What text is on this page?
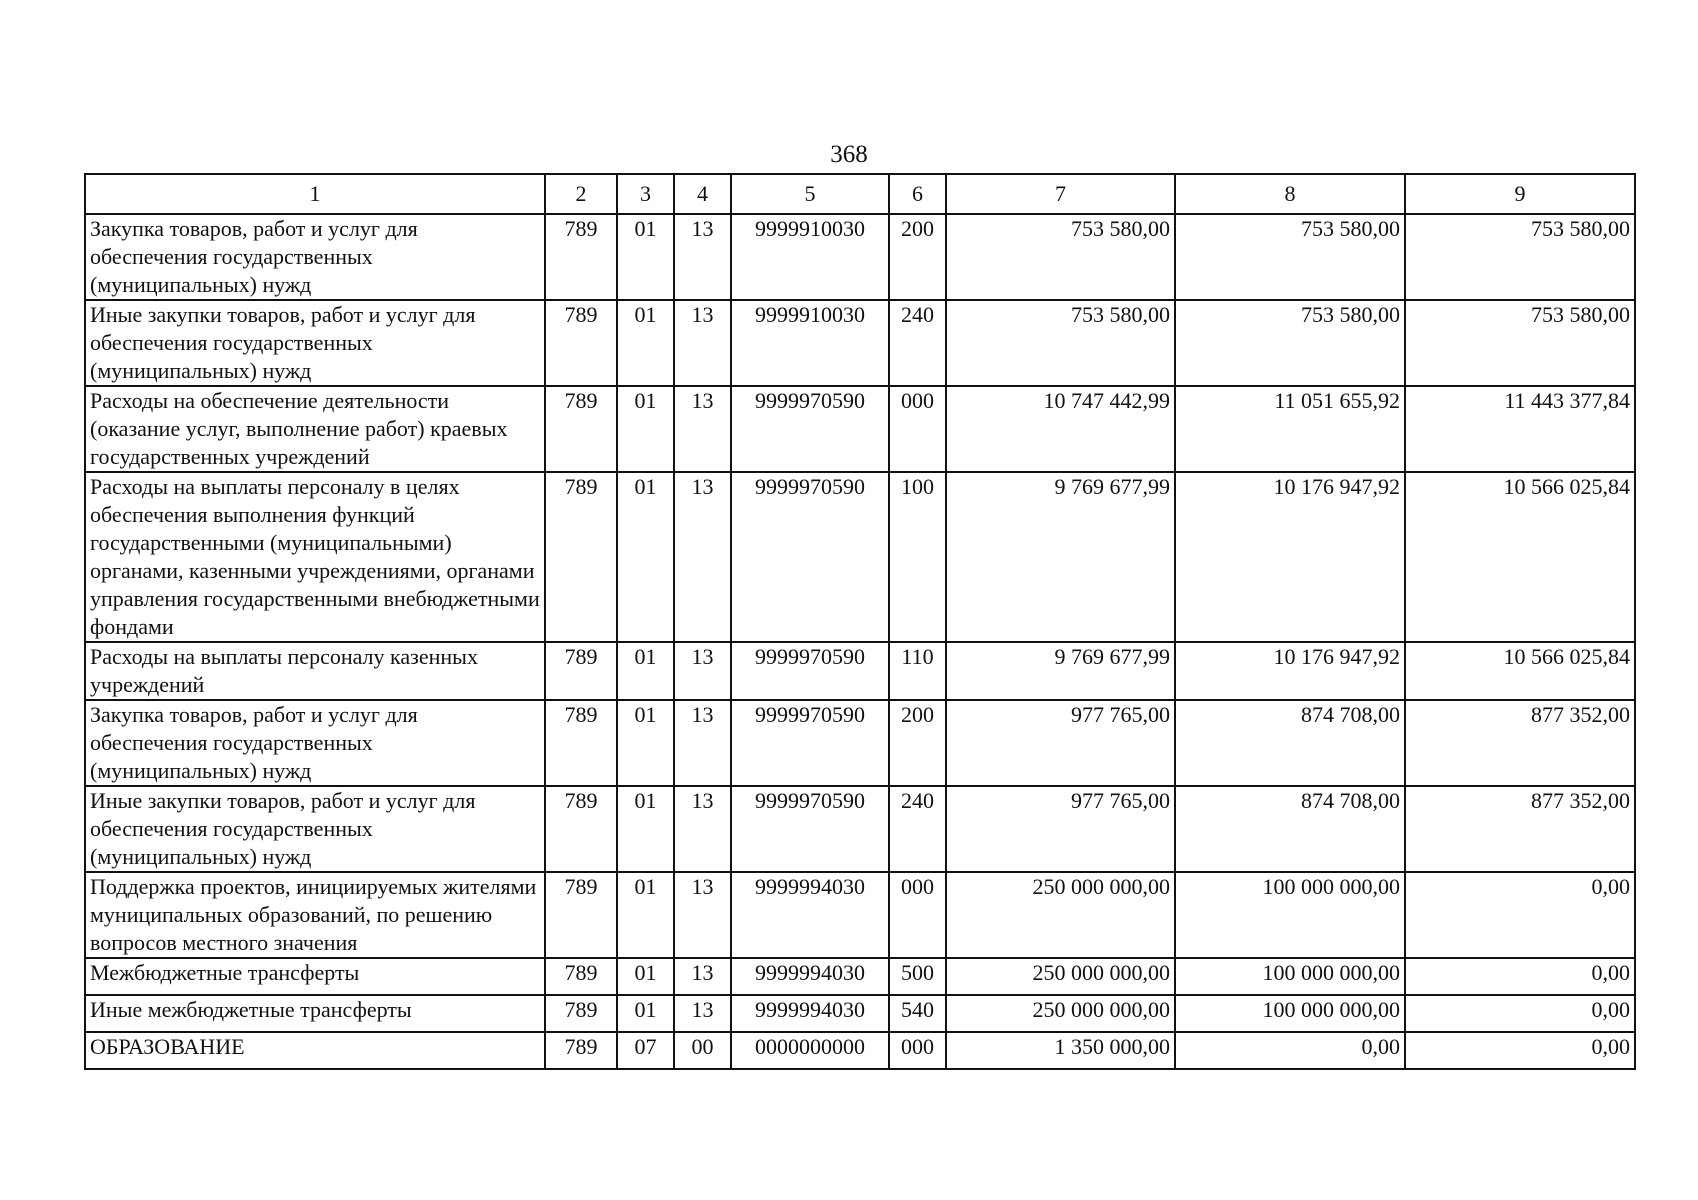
368
1	2	3	4	5	6	7	8	9
Закупка товаров, работ и услуг для обеспечения государственных (муниципальных) нужд	789	01	13	9999910030	200	753 580,00	753 580,00	753 580,00
Иные закупки товаров, работ и услуг для обеспечения государственных (муниципальных) нужд	789	01	13	9999910030	240	753 580,00	753 580,00	753 580,00
Расходы на обеспечение деятельности (оказание услуг, выполнение работ) краевых государственных учреждений	789	01	13	9999970590	000	10 747 442,99	11 051 655,92	11 443 377,84
Расходы на выплаты персоналу в целях обеспечения выполнения функций государственными (муниципальными) органами, казенными учреждениями, органами управления государственными внебюджетными фондами	789	01	13	9999970590	100	9 769 677,99	10 176 947,92	10 566 025,84
Расходы на выплаты персоналу казенных учреждений	789	01	13	9999970590	110	9 769 677,99	10 176 947,92	10 566 025,84
Закупка товаров, работ и услуг для обеспечения государственных (муниципальных) нужд	789	01	13	9999970590	200	977 765,00	874 708,00	877 352,00
Иные закупки товаров, работ и услуг для обеспечения государственных (муниципальных) нужд	789	01	13	9999970590	240	977 765,00	874 708,00	877 352,00
Поддержка проектов, инициируемых жителями муниципальных образований, по решению вопросов местного значения	789	01	13	9999994030	000	250 000 000,00	100 000 000,00	0,00
Межбюджетные трансферты	789	01	13	9999994030	500	250 000 000,00	100 000 000,00	0,00
Иные межбюджетные трансферты	789	01	13	9999994030	540	250 000 000,00	100 000 000,00	0,00
ОБРАЗОВАНИЕ	789	07	00	0000000000	000	1 350 000,00	0,00	0,00
